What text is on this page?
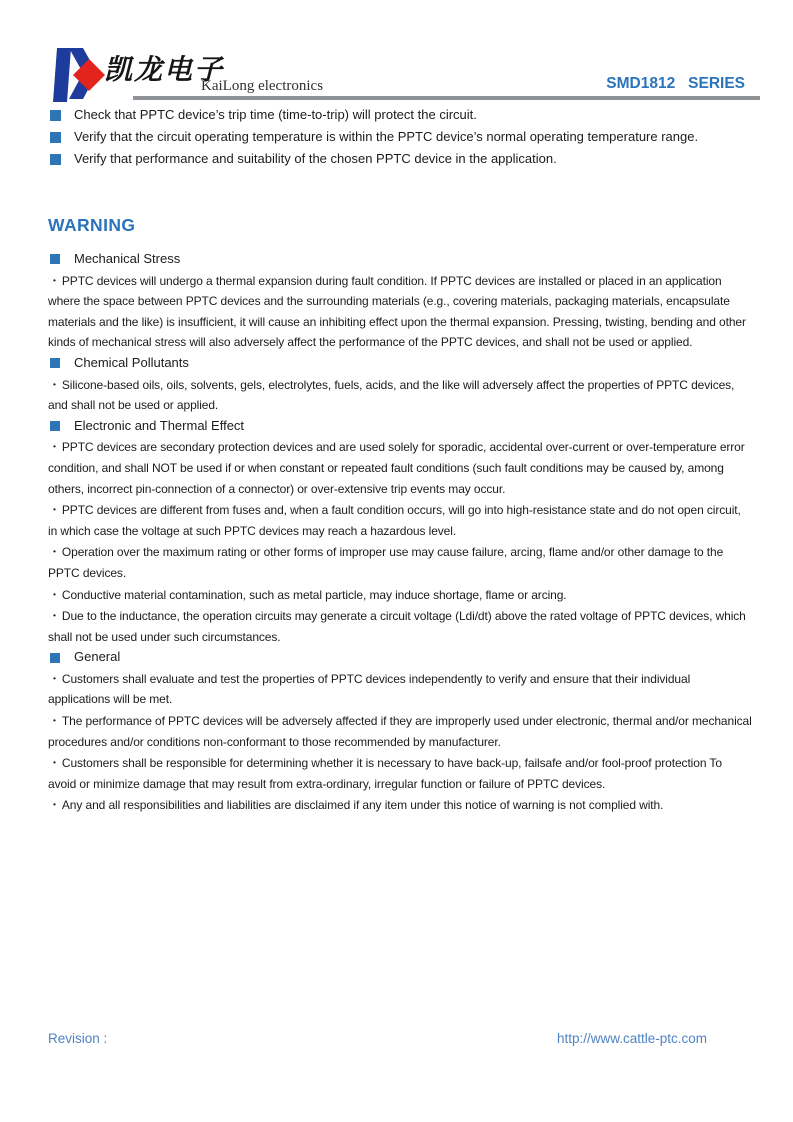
凯龙电子
KaiLong electronics	SMD1812   SERIES
Check that PPTC device’s trip time (time-to-trip) will protect the circuit.
Verify that the circuit operating temperature is within the PPTC device’s normal operating temperature range.
Verify that performance and suitability of the chosen PPTC device in the application.
WARNING
Mechanical Stress

• PPTC devices will undergo a thermal expansion during fault condition. If PPTC devices are installed or placed in an application where the space between PPTC devices and the surrounding materials (e.g., covering materials, packaging materials, encapsulate materials and the like) is insufficient, it will cause an inhibiting effect upon the thermal expansion. Pressing, twisting, bending and other kinds of mechanical stress will also adversely affect the performance of the PPTC devices, and shall not be used or applied.

Chemical Pollutants

• Silicone-based oils, oils, solvents, gels, electrolytes, fuels, acids, and the like will adversely affect the properties of PPTC devices, and shall not be used or applied.

Electronic and Thermal Effect

• PPTC devices are secondary protection devices and are used solely for sporadic, accidental over-current or over-temperature error condition, and shall NOT be used if or when constant or repeated fault conditions (such fault conditions may be caused by, among others, incorrect pin-connection of a connector) or over-extensive trip events may occur.

• PPTC devices are different from fuses and, when a fault condition occurs, will go into high-resistance state and do not open circuit, in which case the voltage at such PPTC devices may reach a hazardous level.

• Operation over the maximum rating or other forms of improper use may cause failure, arcing, flame and/or other damage to the PPTC devices.

• Conductive material contamination, such as metal particle, may induce shortage, flame or arcing.

• Due to the inductance, the operation circuits may generate a circuit voltage (Ldi/dt) above the rated voltage of PPTC devices, which shall not be used under such circumstances.

General

• Customers shall evaluate and test the properties of PPTC devices independently to verify and ensure that their individual applications will be met.

• The performance of PPTC devices will be adversely affected if they are improperly used under electronic, thermal and/or mechanical procedures and/or conditions non-conformant to those recommended by manufacturer.

• Customers shall be responsible for determining whether it is necessary to have back-up, failsafe and/or fool-proof protection To avoid or minimize damage that may result from extra-ordinary, irregular function or failure of PPTC devices.

• Any and all responsibilities and liabilities are disclaimed if any item under this notice of warning is not complied with.

Revision :	http://www.cattle-ptc.com
